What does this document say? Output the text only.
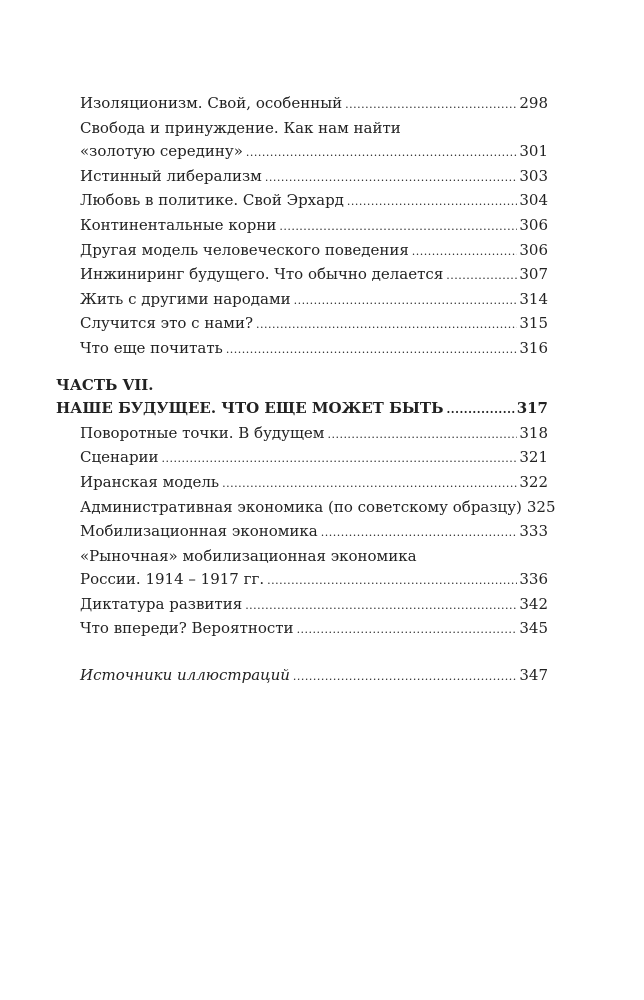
Изоляционизм. Свой, особенный .....	298
Свобода и принуждение. Как нам найти
«золотую середину» .....	301
Истинный либерализм .....	303
Любовь в политике. Свой Эрхард .....	304
Континентальные корни .....	306
Другая модель человеческого поведения .....	306
Инжиниринг будущего. Что обычно делается .....	307
Жить с другими народами .....	314
Случится это с нами? .....	315
Что еще почитать .....	316
ЧАСТЬ VII.
НАШЕ БУДУЩЕЕ. ЧТО ЕЩЕ МОЖЕТ БЫТЬ .....	317
Поворотные точки. В будущем .....	318
Сценарии .....	321
Иранская модель .....	322
Административная экономика (по советскому образцу) 325
Мобилизационная экономика .....	333
«Рыночная» мобилизационная экономика
России. 1914 – 1917 гг. .....	336
Диктатура развития .....	342
Что впереди? Вероятности .....	345
Источники иллюстраций .....	347
